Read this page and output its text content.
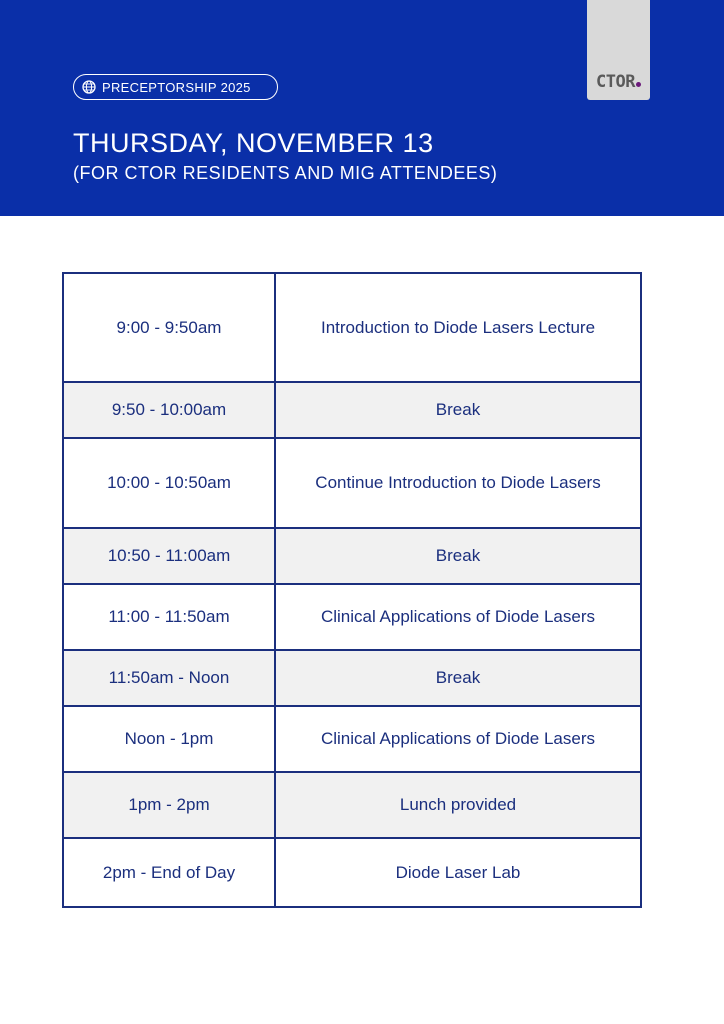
CTOR
PRECEPTORSHIP 2025
THURSDAY, NOVEMBER 13
(FOR CTOR RESIDENTS AND MIG ATTENDEES)
9:00 - 9:50am	Introduction to Diode Lasers Lecture
9:50 - 10:00am	Break
10:00 - 10:50am	Continue Introduction to Diode Lasers
10:50 - 11:00am	Break
11:00 - 11:50am	Clinical Applications of Diode Lasers
11:50am - Noon	Break
Noon - 1pm	Clinical Applications of Diode Lasers
1pm - 2pm	Lunch provided
2pm - End of Day	Diode Laser Lab
